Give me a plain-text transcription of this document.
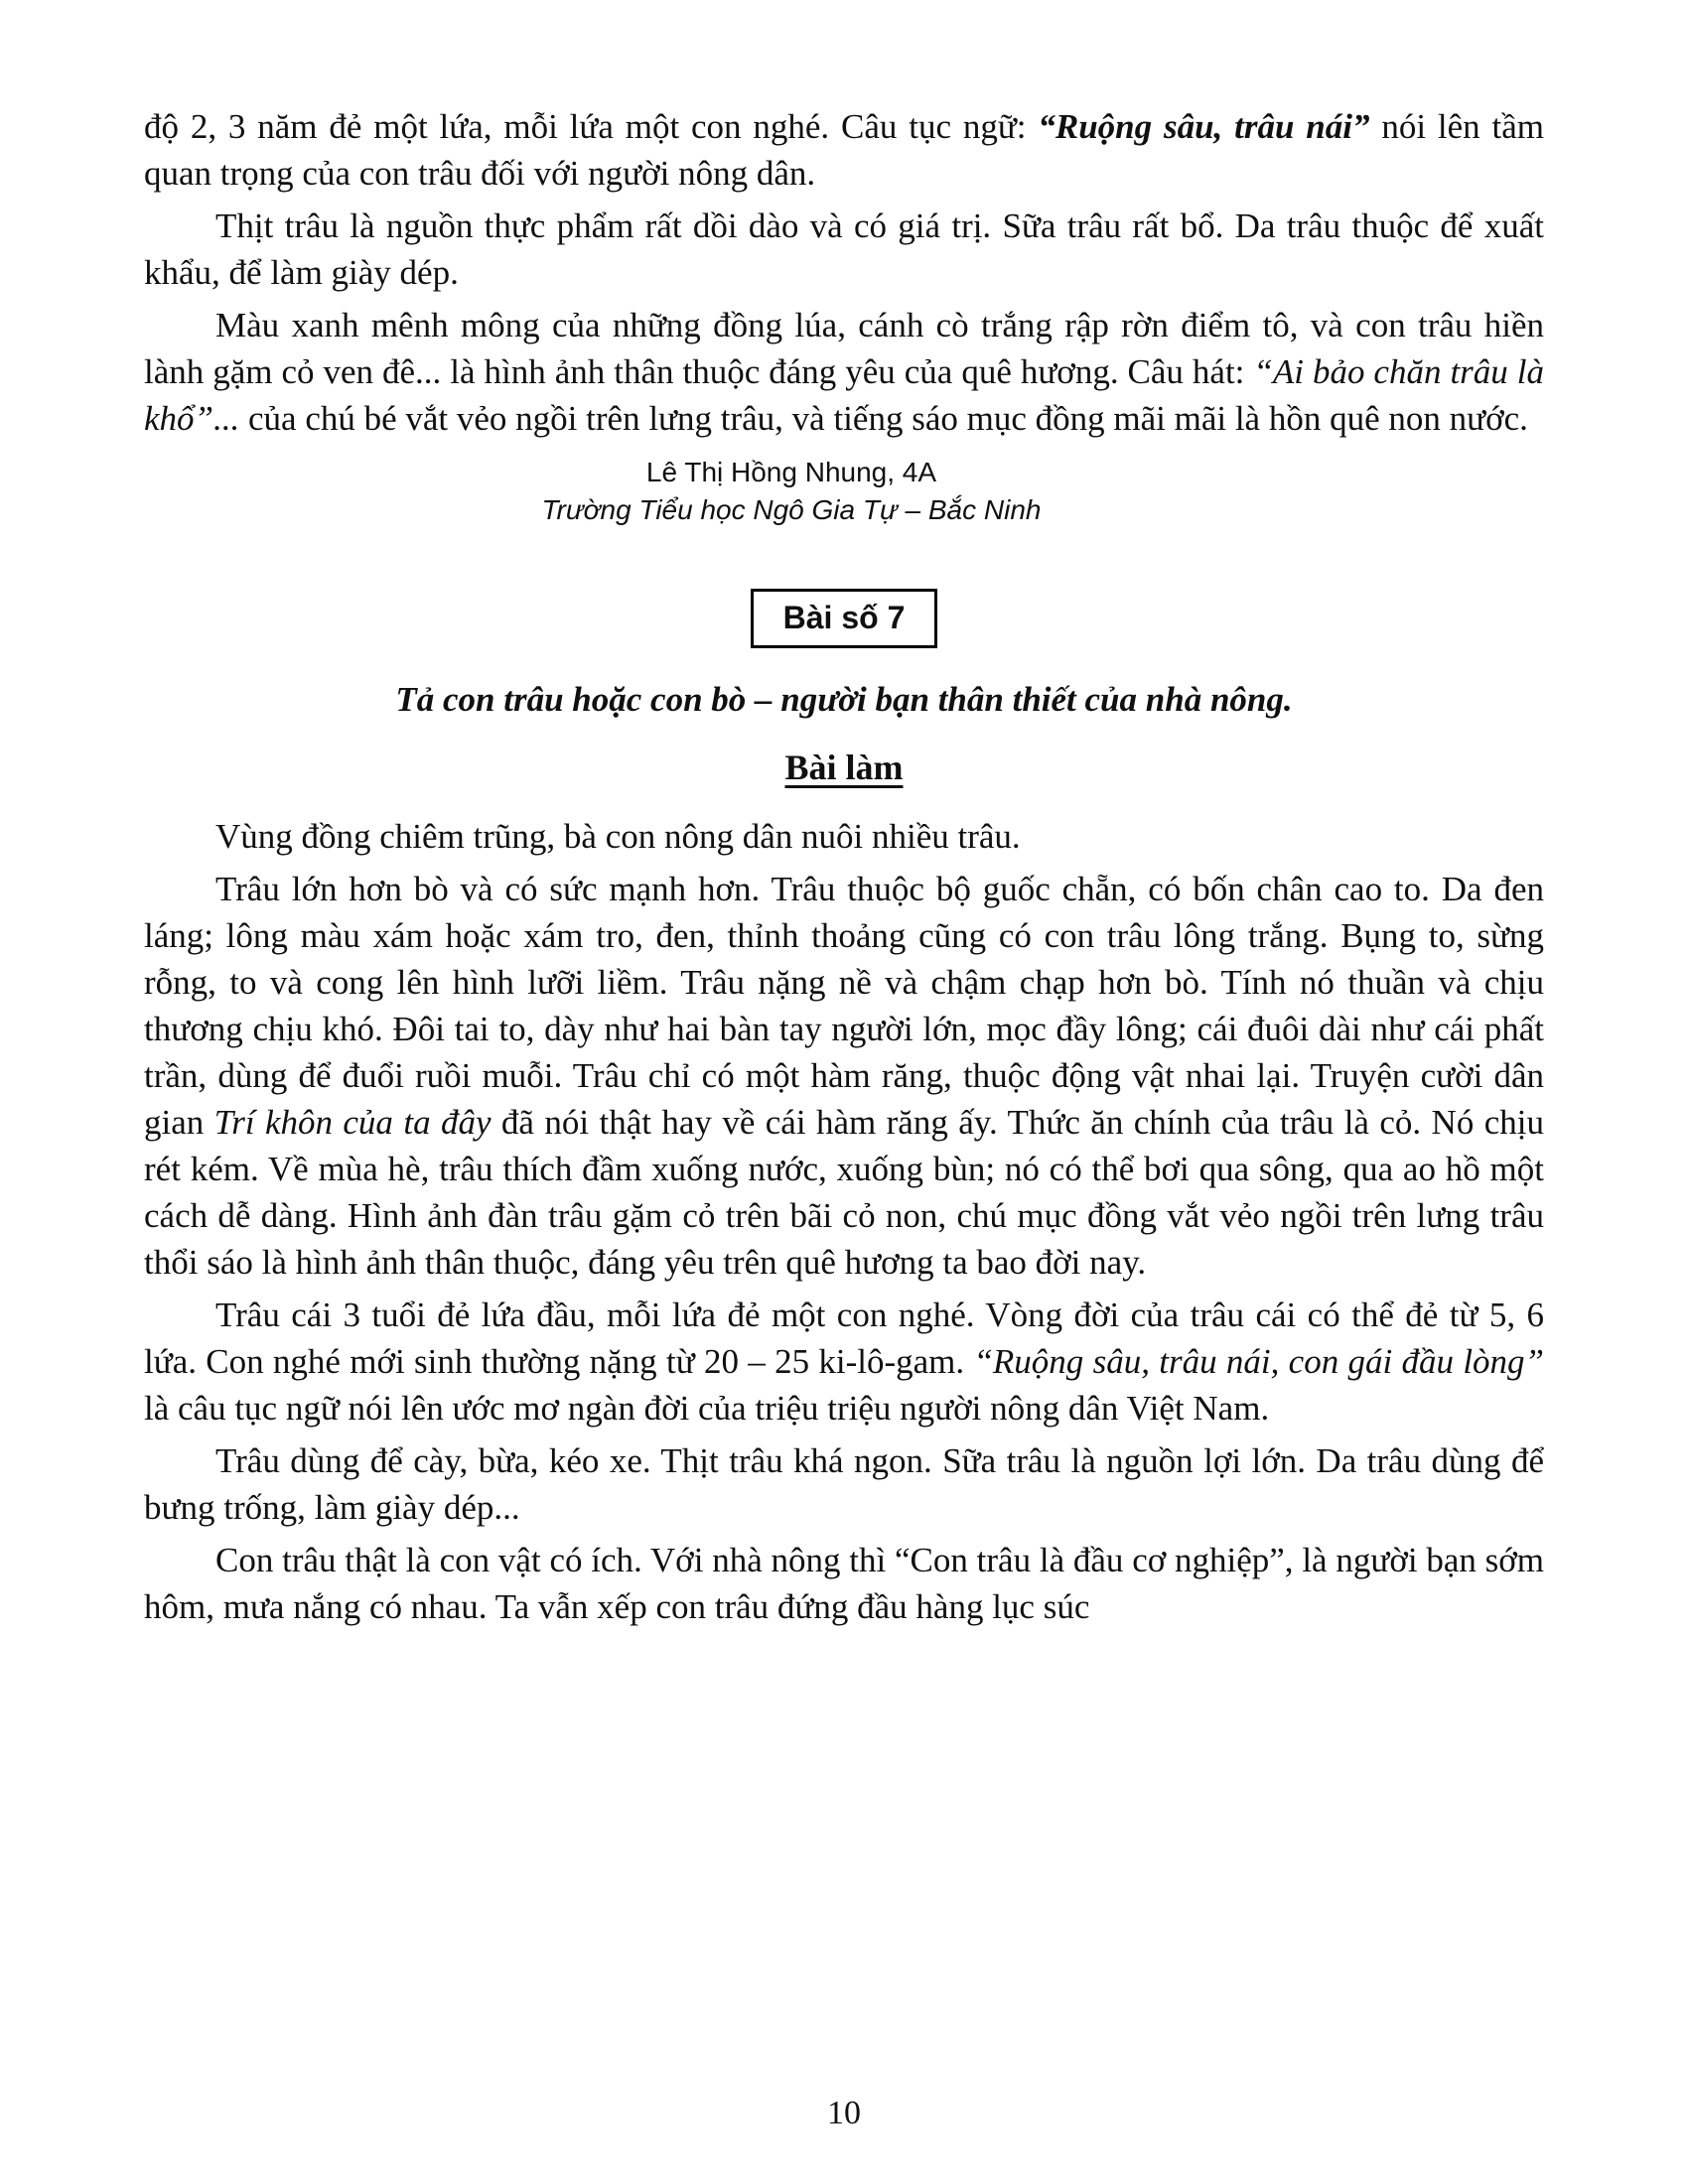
độ 2, 3 năm đẻ một lứa, mỗi lứa một con nghé. Câu tục ngữ: “Ruộng sâu, trâu nái” nói lên tầm quan trọng của con trâu đối với người nông dân.

Thịt trâu là nguồn thực phẩm rất dồi dào và có giá trị. Sữa trâu rất bổ. Da trâu thuộc để xuất khẩu, để làm giày dép.

Màu xanh mênh mông của những đồng lúa, cánh cò trắng rập rờn điểm tô, và con trâu hiền lành gặm cỏ ven đê... là hình ảnh thân thuộc đáng yêu của quê hương. Câu hát: “Ai bảo chăn trâu là khổ”... của chú bé vắt vẻo ngồi trên lưng trâu, và tiếng sáo mục đồng mãi mãi là hồn quê non nước.

Lê Thị Hồng Nhung, 4A

Trường Tiểu học Ngô Gia Tự – Bắc Ninh

Bài số 7

Tả con trâu hoặc con bò – người bạn thân thiết của nhà nông.

Bài làm

Vùng đồng chiêm trũng, bà con nông dân nuôi nhiều trâu.

Trâu lớn hơn bò và có sức mạnh hơn. Trâu thuộc bộ guốc chẵn, có bốn chân cao to. Da đen láng; lông màu xám hoặc xám tro, đen, thỉnh thoảng cũng có con trâu lông trắng. Bụng to, sừng rỗng, to và cong lên hình lưỡi liềm. Trâu nặng nề và chậm chạp hơn bò. Tính nó thuần và chịu thương chịu khó. Đôi tai to, dày như hai bàn tay người lớn, mọc đầy lông; cái đuôi dài như cái phất trần, dùng để đuổi ruồi muỗi. Trâu chỉ có một hàm răng, thuộc động vật nhai lại. Truyện cười dân gian Trí khôn của ta đây đã nói thật hay về cái hàm răng ấy. Thức ăn chính của trâu là cỏ. Nó chịu rét kém. Về mùa hè, trâu thích đầm xuống nước, xuống bùn; nó có thể bơi qua sông, qua ao hồ một cách dễ dàng. Hình ảnh đàn trâu gặm cỏ trên bãi cỏ non, chú mục đồng vắt vẻo ngồi trên lưng trâu thổi sáo là hình ảnh thân thuộc, đáng yêu trên quê hương ta bao đời nay.

Trâu cái 3 tuổi đẻ lứa đầu, mỗi lứa đẻ một con nghé. Vòng đời của trâu cái có thể đẻ từ 5, 6 lứa. Con nghé mới sinh thường nặng từ 20 – 25 ki-lô-gam. “Ruộng sâu, trâu nái, con gái đầu lòng” là câu tục ngữ nói lên ước mơ ngàn đời của triệu triệu người nông dân Việt Nam.

Trâu dùng để cày, bừa, kéo xe. Thịt trâu khá ngon. Sữa trâu là nguồn lợi lớn. Da trâu dùng để bưng trống, làm giày dép...

Con trâu thật là con vật có ích. Với nhà nông thì “Con trâu là đầu cơ nghiệp”, là người bạn sớm hôm, mưa nắng có nhau. Ta vẫn xếp con trâu đứng đầu hàng lục súc

10
